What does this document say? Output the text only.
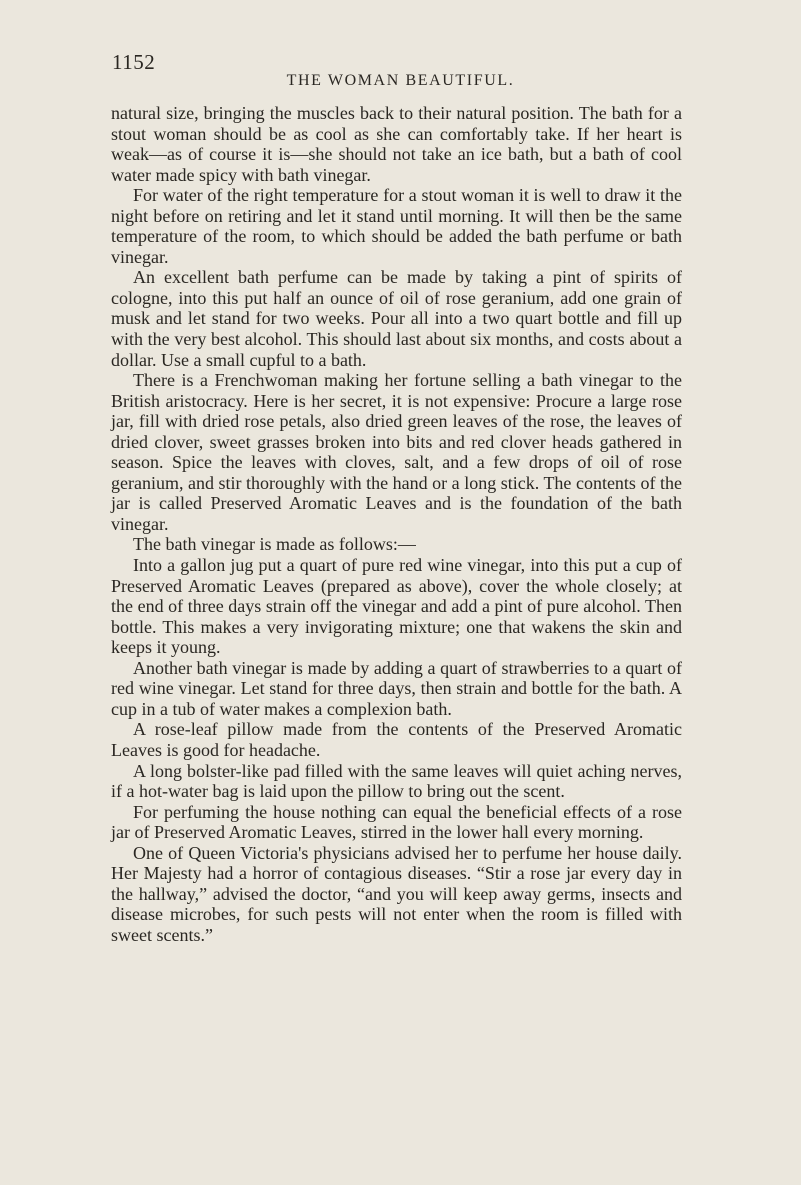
1152
THE WOMAN BEAUTIFUL.

natural size, bringing the muscles back to their natural position. The bath for a stout woman should be as cool as she can comfortably take. If her heart is weak—as of course it is—she should not take an ice bath, but a bath of cool water made spicy with bath vinegar.

For water of the right temperature for a stout woman it is well to draw it the night before on retiring and let it stand until morning. It will then be the same temperature of the room, to which should be added the bath perfume or bath vinegar.

An excellent bath perfume can be made by taking a pint of spirits of cologne, into this put half an ounce of oil of rose geranium, add one grain of musk and let stand for two weeks. Pour all into a two quart bottle and fill up with the very best alcohol. This should last about six months, and costs about a dollar. Use a small cupful to a bath.

There is a Frenchwoman making her fortune selling a bath vinegar to the British aristocracy. Here is her secret, it is not expensive: Procure a large rose jar, fill with dried rose petals, also dried green leaves of the rose, the leaves of dried clover, sweet grasses broken into bits and red clover heads gathered in season. Spice the leaves with cloves, salt, and a few drops of oil of rose geranium, and stir thoroughly with the hand or a long stick. The contents of the jar is called Preserved Aromatic Leaves and is the foundation of the bath vinegar.

The bath vinegar is made as follows:—

Into a gallon jug put a quart of pure red wine vinegar, into this put a cup of Preserved Aromatic Leaves (prepared as above), cover the whole closely; at the end of three days strain off the vinegar and add a pint of pure alcohol. Then bottle. This makes a very invigorating mixture; one that wakens the skin and keeps it young.

Another bath vinegar is made by adding a quart of strawberries to a quart of red wine vinegar. Let stand for three days, then strain and bottle for the bath. A cup in a tub of water makes a complexion bath.

A rose-leaf pillow made from the contents of the Preserved Aromatic Leaves is good for headache.

A long bolster-like pad filled with the same leaves will quiet aching nerves, if a hot-water bag is laid upon the pillow to bring out the scent.

For perfuming the house nothing can equal the beneficial effects of a rose jar of Preserved Aromatic Leaves, stirred in the lower hall every morning.

One of Queen Victoria's physicians advised her to perfume her house daily. Her Majesty had a horror of contagious diseases. “Stir a rose jar every day in the hallway,” advised the doctor, “and you will keep away germs, insects and disease microbes, for such pests will not enter when the room is filled with sweet scents.”
